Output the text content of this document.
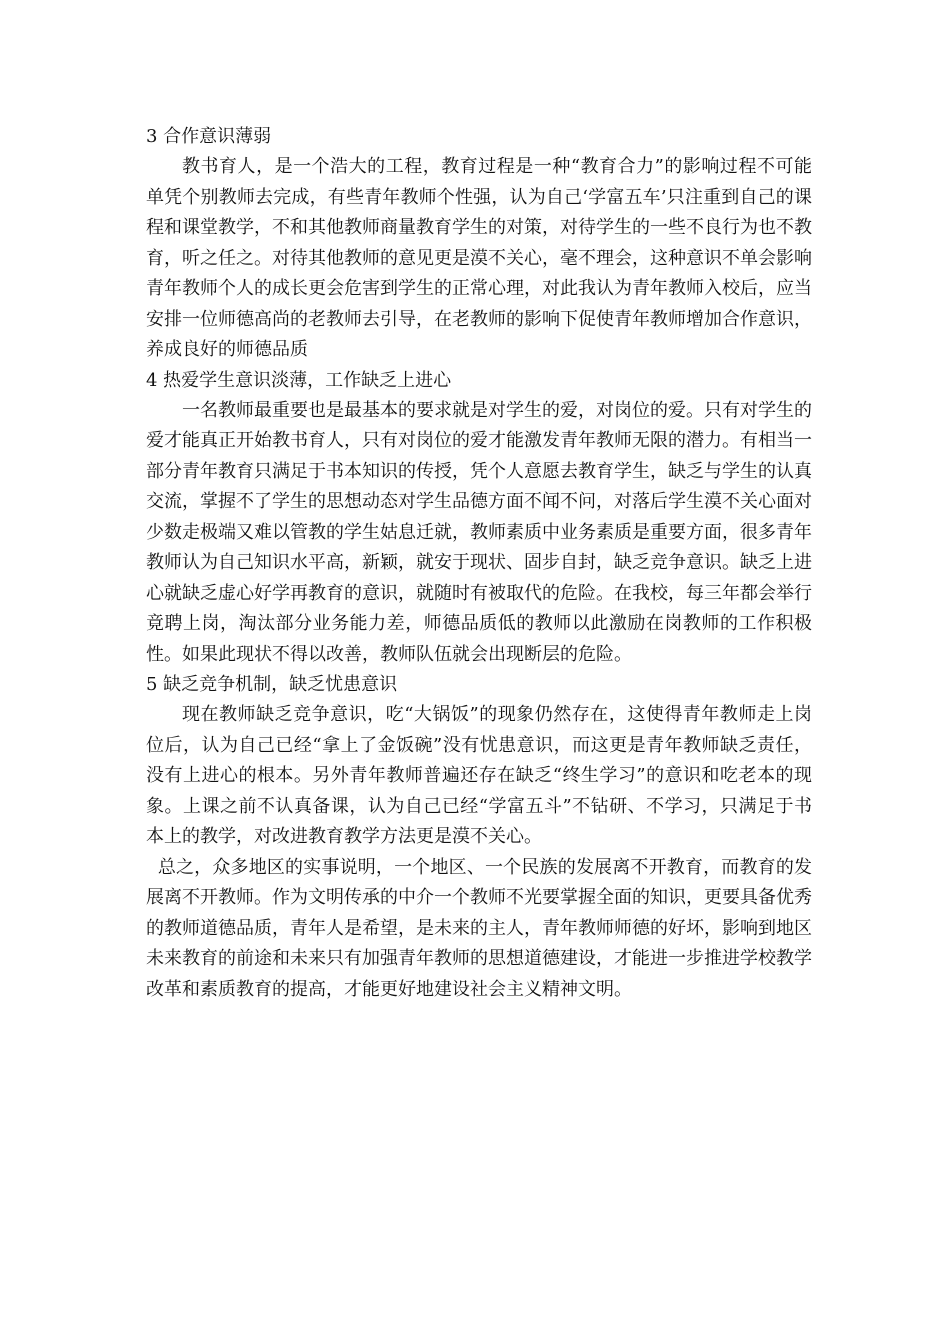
3 合作意识薄弱

教书育人，是一个浩大的工程，教育过程是一种“教育合力”的影响过程不可能单凭个别教师去完成，有些青年教师个性强，认为自己‘学富五车’只注重到自己的课程和课堂教学，不和其他教师商量教育学生的对策，对待学生的一些不良行为也不教育，听之任之。对待其他教师的意见更是漠不关心，毫不理会，这种意识不单会影响青年教师个人的成长更会危害到学生的正常心理，对此我认为青年教师入校后，应当安排一位师德高尚的老教师去引导，在老教师的影响下促使青年教师增加合作意识，养成良好的师德品质

4 热爱学生意识淡薄，工作缺乏上进心

一名教师最重要也是最基本的要求就是对学生的爱，对岗位的爱。只有对学生的爱才能真正开始教书育人，只有对岗位的爱才能激发青年教师无限的潜力。有相当一部分青年教育只满足于书本知识的传授，凭个人意愿去教育学生，缺乏与学生的认真交流，掌握不了学生的思想动态对学生品德方面不闻不问，对落后学生漠不关心面对少数走极端又难以管教的学生姑息迁就，教师素质中业务素质是重要方面，很多青年教师认为自己知识水平高，新颖，就安于现状、固步自封，缺乏竞争意识。缺乏上进心就缺乏虚心好学再教育的意识，就随时有被取代的危险。在我校，每三年都会举行竟聘上岗，淘汰部分业务能力差，师德品质低的教师以此激励在岗教师的工作积极性。如果此现状不得以改善，教师队伍就会出现断层的危险。

5 缺乏竞争机制，缺乏忧患意识

现在教师缺乏竞争意识，吃“大锅饭”的现象仍然存在，这使得青年教师走上岗位后，认为自己已经“拿上了金饭碗”没有忧患意识，而这更是青年教师缺乏责任，没有上进心的根本。另外青年教师普遍还存在缺乏“终生学习”的意识和吃老本的现象。上课之前不认真备课，认为自己已经“学富五斗”不钻研、不学习，只满足于书本上的教学，对改进教育教学方法更是漠不关心。

总之，众多地区的实事说明，一个地区、一个民族的发展离不开教育，而教育的发展离不开教师。作为文明传承的中介一个教师不光要掌握全面的知识，更要具备优秀的教师道德品质，青年人是希望，是未来的主人，青年教师师德的好坏，影响到地区未来教育的前途和未来只有加强青年教师的思想道德建设，才能进一步推进学校教学改革和素质教育的提高，才能更好地建设社会主义精神文明。
